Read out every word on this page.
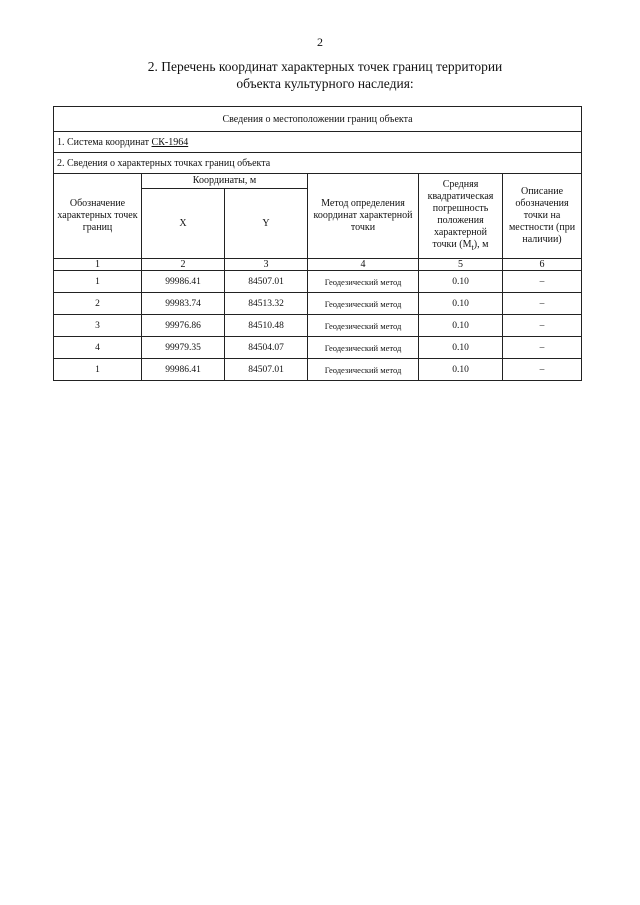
2
2. Перечень координат характерных точек границ территории
объекта культурного наследия:
Сведения о местоположении границ объекта					
1. Система координат СК-1964					
2. Сведения о характерных точках границ объекта					
Обозначение характерных точек границ	Координаты, м		Метод определения координат характерной точки	Средняя квадратическая погрешность положения характерной точки $(M_t)$, м	Описание обозначения точки на местности (при наличии)
	X	Y			
1	2	3	4	5	6
1	99986.41	84507.01	Геодезический метод	0.10	–
2	99983.74	84513.32	Геодезический метод	0.10	–
3	99976.86	84510.48	Геодезический метод	0.10	–
4	99979.35	84504.07	Геодезический метод	0.10	–
1	99986.41	84507.01	Геодезический метод	0.10	–
